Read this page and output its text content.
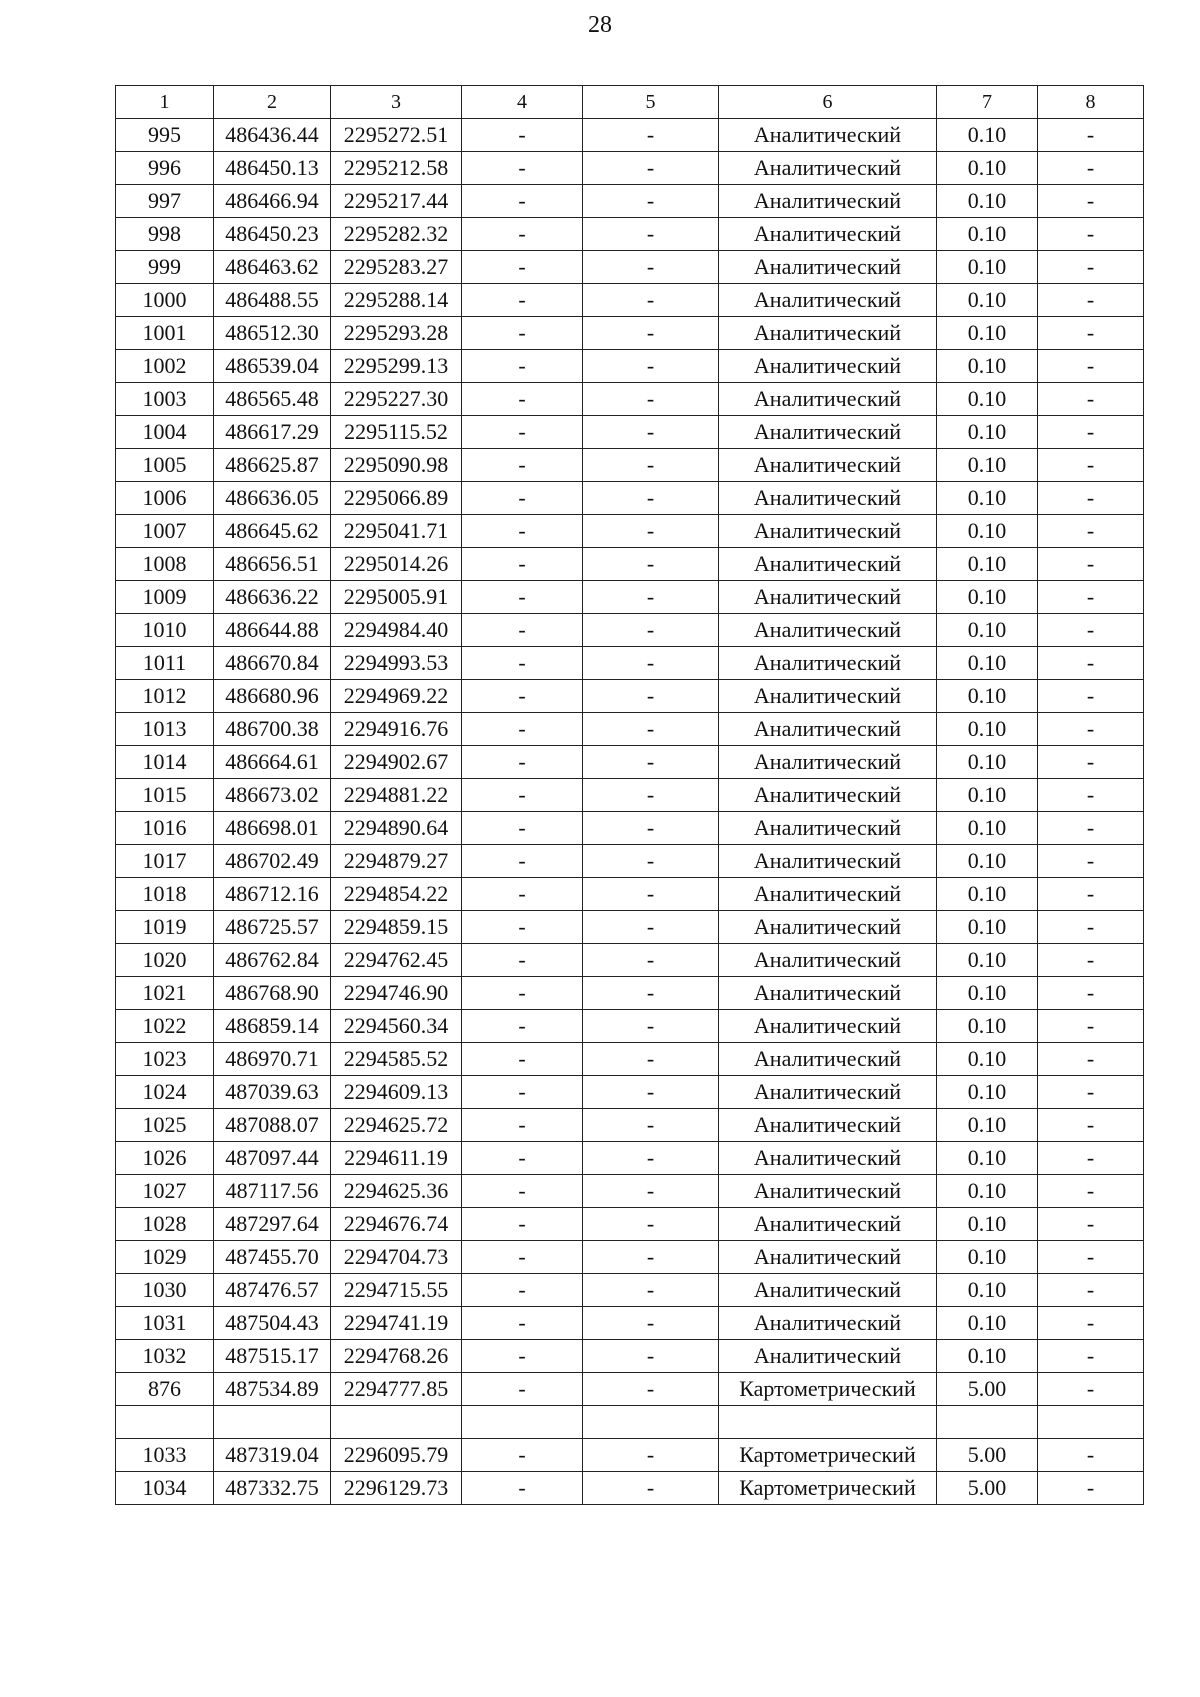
28
1	2	3	4	5	6	7	8
995	486436.44	2295272.51	-	-	Аналитический	0.10	-
996	486450.13	2295212.58	-	-	Аналитический	0.10	-
997	486466.94	2295217.44	-	-	Аналитический	0.10	-
998	486450.23	2295282.32	-	-	Аналитический	0.10	-
999	486463.62	2295283.27	-	-	Аналитический	0.10	-
1000	486488.55	2295288.14	-	-	Аналитический	0.10	-
1001	486512.30	2295293.28	-	-	Аналитический	0.10	-
1002	486539.04	2295299.13	-	-	Аналитический	0.10	-
1003	486565.48	2295227.30	-	-	Аналитический	0.10	-
1004	486617.29	2295115.52	-	-	Аналитический	0.10	-
1005	486625.87	2295090.98	-	-	Аналитический	0.10	-
1006	486636.05	2295066.89	-	-	Аналитический	0.10	-
1007	486645.62	2295041.71	-	-	Аналитический	0.10	-
1008	486656.51	2295014.26	-	-	Аналитический	0.10	-
1009	486636.22	2295005.91	-	-	Аналитический	0.10	-
1010	486644.88	2294984.40	-	-	Аналитический	0.10	-
1011	486670.84	2294993.53	-	-	Аналитический	0.10	-
1012	486680.96	2294969.22	-	-	Аналитический	0.10	-
1013	486700.38	2294916.76	-	-	Аналитический	0.10	-
1014	486664.61	2294902.67	-	-	Аналитический	0.10	-
1015	486673.02	2294881.22	-	-	Аналитический	0.10	-
1016	486698.01	2294890.64	-	-	Аналитический	0.10	-
1017	486702.49	2294879.27	-	-	Аналитический	0.10	-
1018	486712.16	2294854.22	-	-	Аналитический	0.10	-
1019	486725.57	2294859.15	-	-	Аналитический	0.10	-
1020	486762.84	2294762.45	-	-	Аналитический	0.10	-
1021	486768.90	2294746.90	-	-	Аналитический	0.10	-
1022	486859.14	2294560.34	-	-	Аналитический	0.10	-
1023	486970.71	2294585.52	-	-	Аналитический	0.10	-
1024	487039.63	2294609.13	-	-	Аналитический	0.10	-
1025	487088.07	2294625.72	-	-	Аналитический	0.10	-
1026	487097.44	2294611.19	-	-	Аналитический	0.10	-
1027	487117.56	2294625.36	-	-	Аналитический	0.10	-
1028	487297.64	2294676.74	-	-	Аналитический	0.10	-
1029	487455.70	2294704.73	-	-	Аналитический	0.10	-
1030	487476.57	2294715.55	-	-	Аналитический	0.10	-
1031	487504.43	2294741.19	-	-	Аналитический	0.10	-
1032	487515.17	2294768.26	-	-	Аналитический	0.10	-
876	487534.89	2294777.85	-	-	Картометрический	5.00	-

1033	487319.04	2296095.79	-	-	Картометрический	5.00	-
1034	487332.75	2296129.73	-	-	Картометрический	5.00	-
